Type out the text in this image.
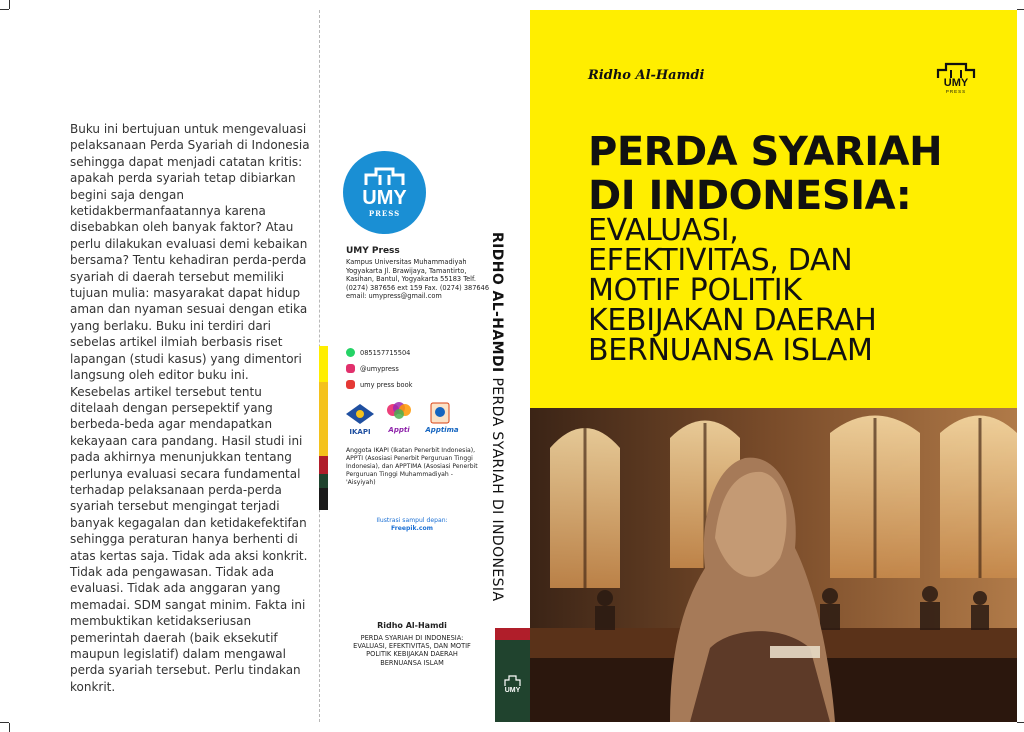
Buku ini bertujuan untuk mengevaluasi pelaksanaan Perda Syariah di Indonesia sehingga dapat menjadi catatan kritis: apakah perda syariah tetap dibiarkan begini saja dengan ketidakbermanfaatannya karena disebabkan oleh banyak faktor? Atau perlu dilakukan evaluasi demi kebaikan bersama? Tentu kehadiran perda-perda syariah di daerah tersebut memiliki tujuan mulia: masyarakat dapat hidup aman dan nyaman sesuai dengan etika yang berlaku. Buku ini terdiri dari sebelas artikel ilmiah berbasis riset lapangan (studi kasus) yang dimentori langsung oleh editor buku ini. Kesebelas artikel tersebut tentu ditelaah dengan persepektif yang berbeda-beda agar mendapatkan kekayaan cara pandang. Hasil studi ini pada akhirnya menunjukkan tentang perlunya evaluasi secara fundamental terhadap pelaksanaan perda-perda syariah tersebut mengingat terjadi banyak kegagalan dan ketidakefektifan sehingga peraturan hanya berhenti di atas kertas saja. Tidak ada aksi konkrit. Tidak ada pengawasan. Tidak ada evaluasi. Tidak ada anggaran yang memadai. SDM sangat minim. Fakta ini membuktikan ketidakseriusan pemerintah daerah (baik eksekutif maupun legislatif) dalam mengawal perda syariah tersebut. Perlu tindakan konkrit.
UMY
PRESS
UMY Press
Kampus Universitas Muhammadiyah Yogyakarta Jl. Brawijaya, Tamantirto, Kasihan, Bantul, Yogyakarta 55183 Telf. (0274) 387656 ext 159 Fax. (0274) 387646 email: umypress@gmail.com
085157715504
@umypress
umy press book
IKAPI	Appti	Apptima
Anggota IKAPI (Ikatan Penerbit Indonesia), APPTI (Asosiasi Penerbit Perguruan Tinggi Indonesia), dan APPTIMA (Asosiasi Penerbit Perguruan Tinggi Muhammadiyah - 'Aisyiyah)
Ilustrasi sampul depan:
Freepik.com
Ridho Al-Hamdi
PERDA SYARIAH DI INDONESIA: EVALUASI, EFEKTIVITAS, DAN MOTIF POLITIK KEBIJAKAN DAERAH BERNUANSA ISLAM
RIDHO AL-HAMDI PERDA SYARIAH DI INDONESIA
UMY
Ridho Al-Hamdi	UMY
PRESS
PERDA SYARIAH
DI INDONESIA:
EVALUASI,
EFEKTIVITAS, DAN
MOTIF POLITIK
KEBIJAKAN DAERAH
BERNUANSA ISLAM
